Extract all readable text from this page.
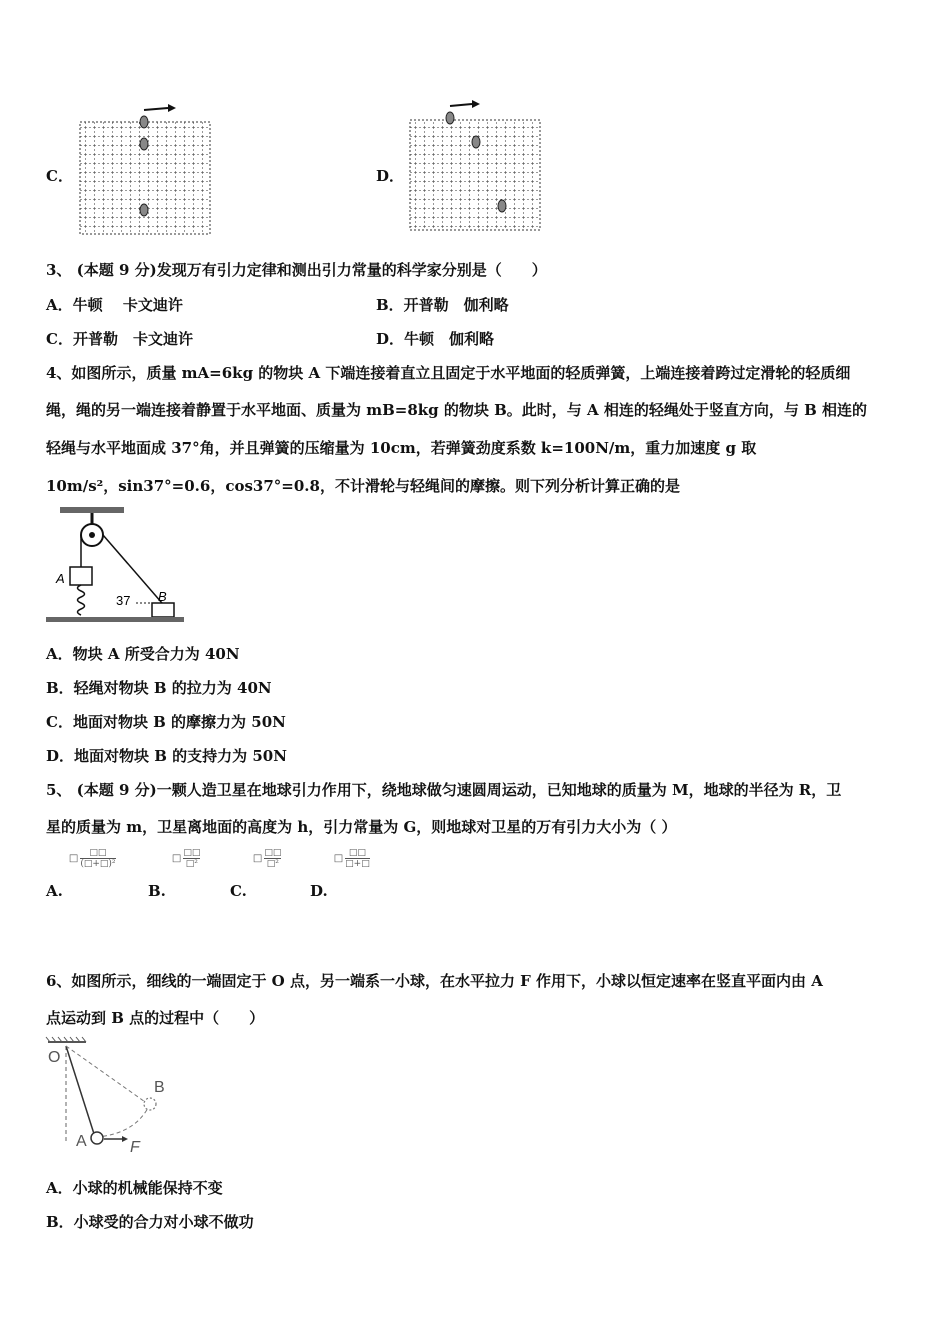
C．	D．
3、 (本题 9 分)发现万有引力定律和测出引力常量的科学家分别是（　　）
A．牛顿　 卡文迪许	B．开普勒　伽利略
C．开普勒　卡文迪许	D．牛顿　伽利略
4、如图所示，质量 mA=6kg 的物块 A 下端连接着直立且固定于水平地面的轻质弹簧，上端连接着跨过定滑轮的轻质细
绳，绳的另一端连接着静置于水平地面、质量为 mB=8kg 的物块 B。此时，与 A 相连的轻绳处于竖直方向，与 B 相连的
轻绳与水平地面成 37°角，并且弹簧的压缩量为 10cm，若弹簧劲度系数 k=100N/m，重力加速度 g 取
10m/s²，sin37°=0.6，cos37°=0.8，不计滑轮与轻绳间的摩擦。则下列分析计算正确的是
A
B
37
A．物块 A 所受合力为 40N
B．轻绳对物块 B 的拉力为 40N
C．地面对物块 B 的摩擦力为 50N
D．地面对物块 B 的支持力为 50N
5、 (本题 9 分)一颗人造卫星在地球引力作用下，绕地球做匀速圆周运动，已知地球的质量为 M，地球的半径为 R，卫
星的质量为 m，卫星离地面的高度为 h，引力常量为 G，则地球对卫星的万有引力大小为（ ）
A.
□ $\frac{□□}{\text{(□+□)²}}$
B.
□ $\frac{□□}{\text{□²}}$
C.
□ $\frac{□□}{\text{□²}}$
D.
□ $\frac{□□}{□+□}$
6、如图所示，细线的一端固定于 O 点，另一端系一小球，在水平拉力 F 作用下，小球以恒定速率在竖直平面内由 A
点运动到 B 点的过程中（　　）
O
B
A	F
A．小球的机械能保持不变
B．小球受的合力对小球不做功
